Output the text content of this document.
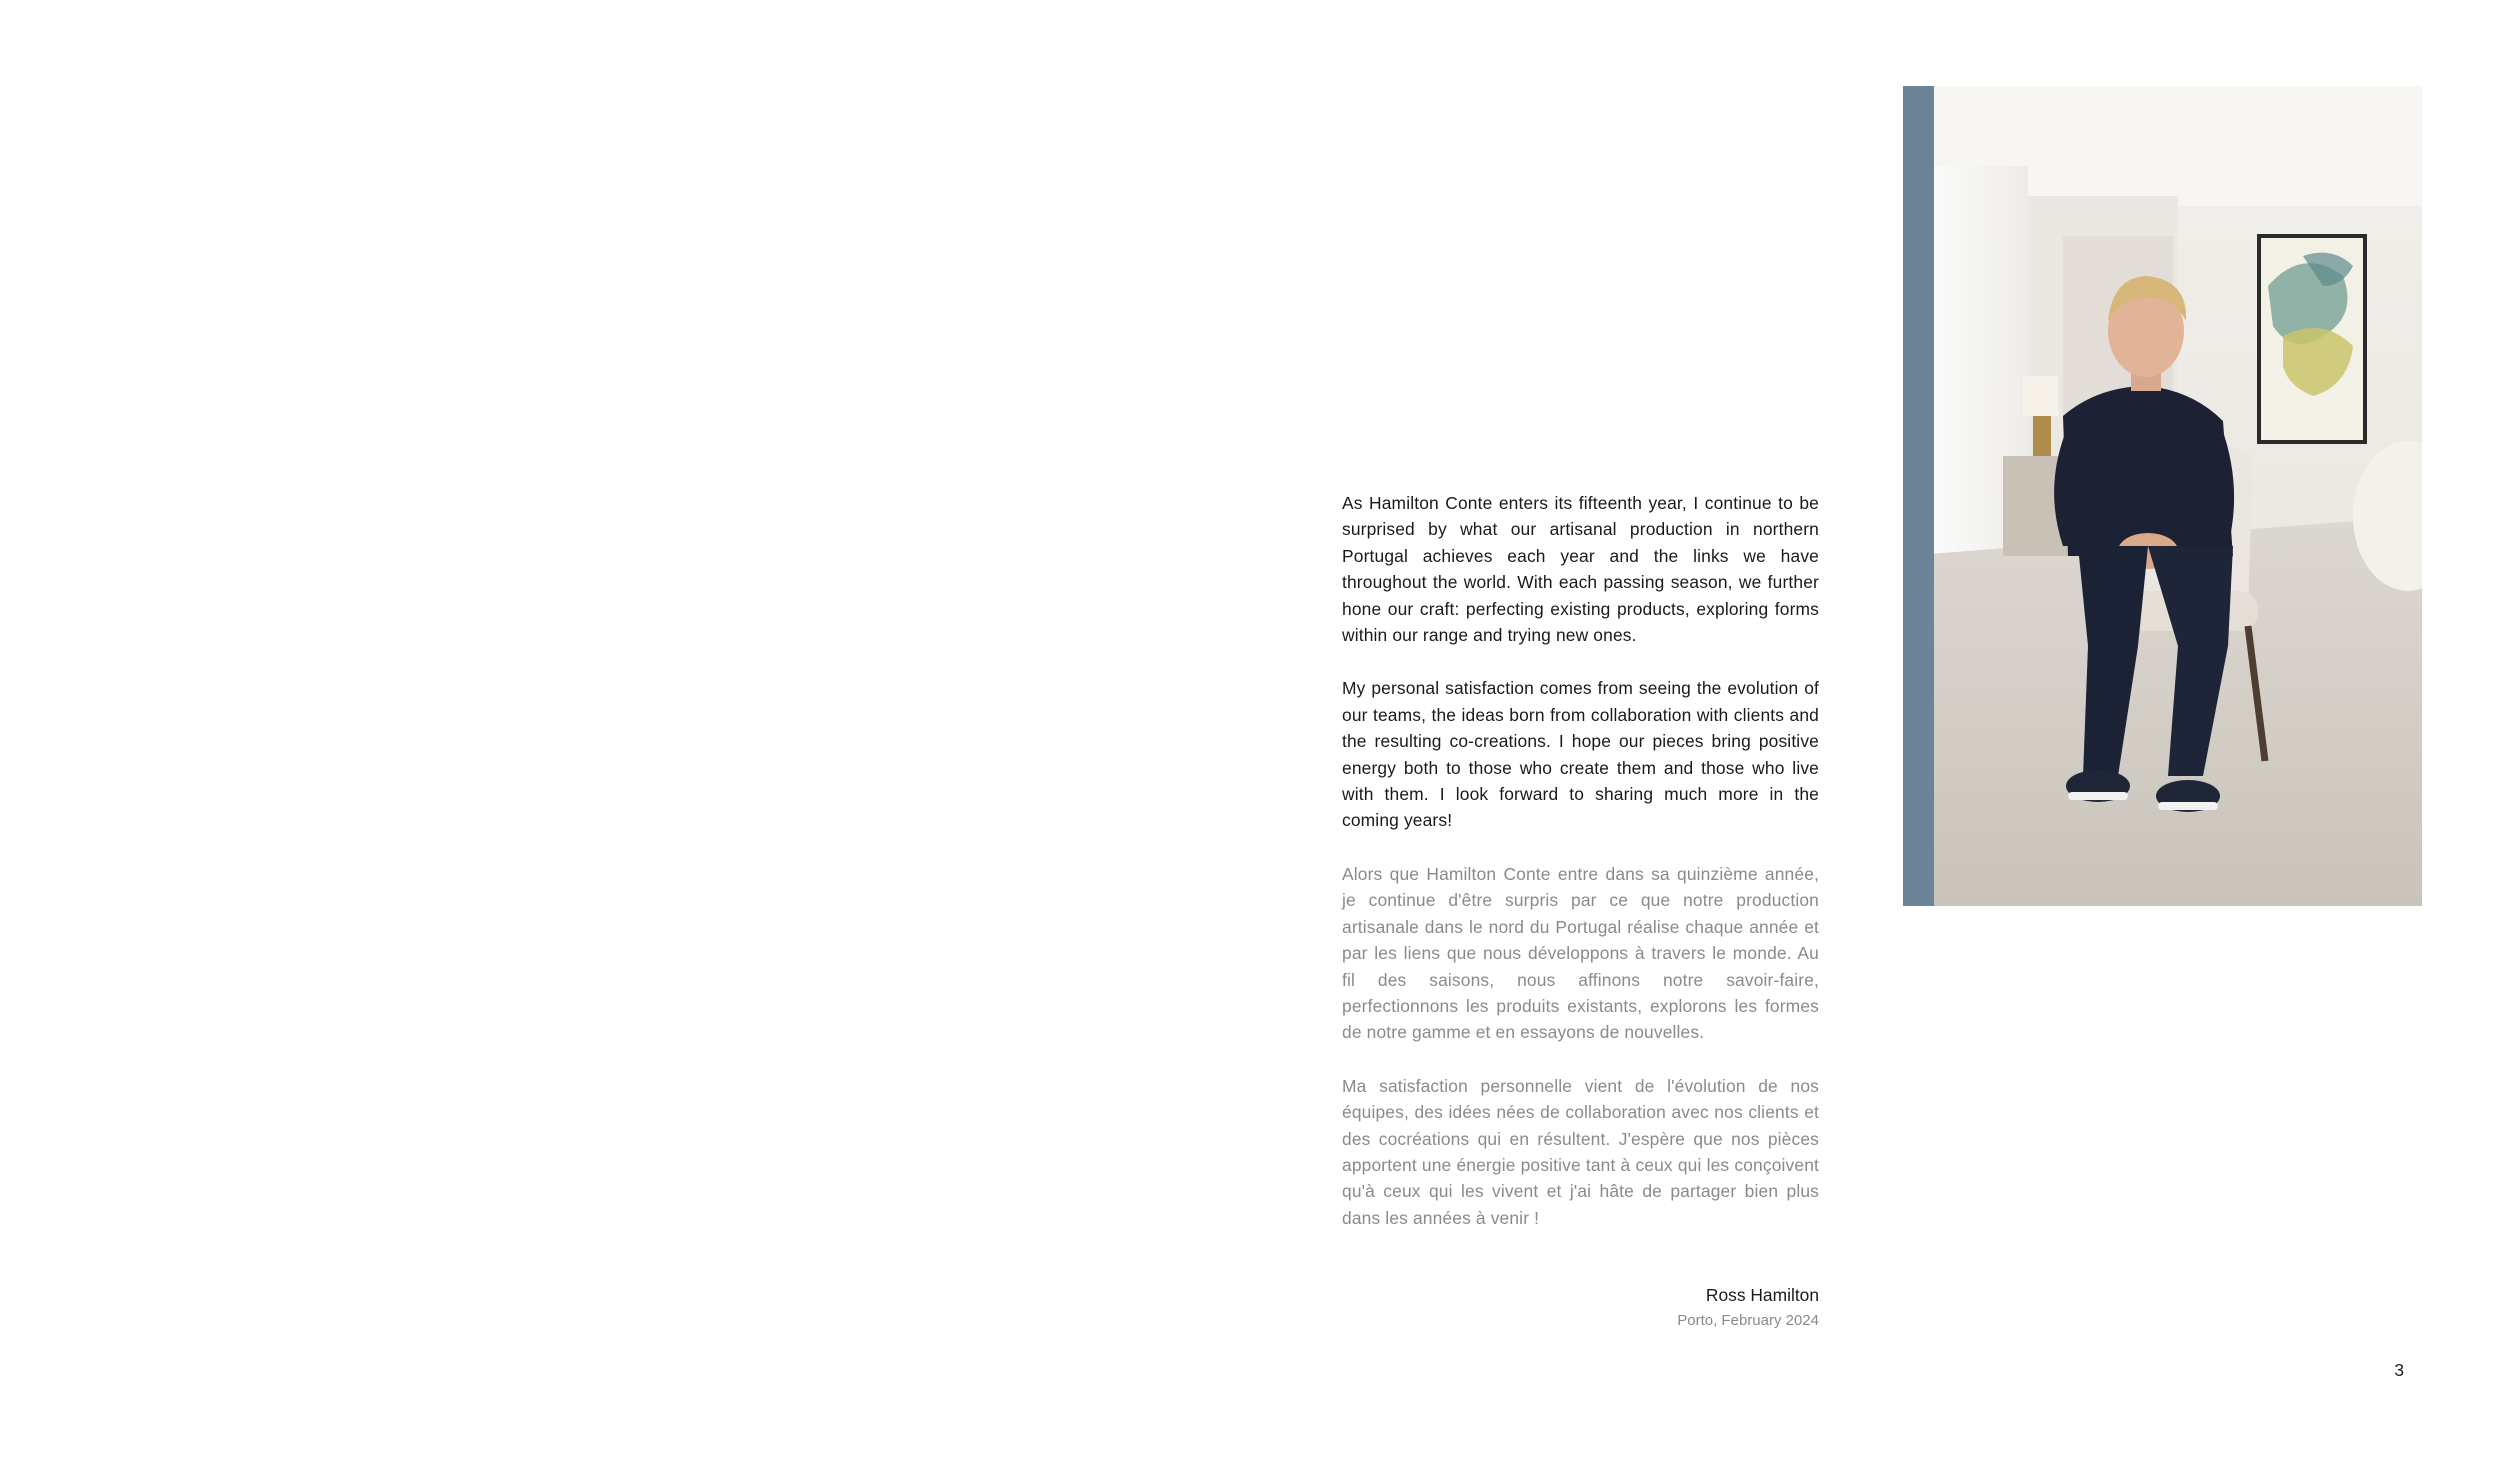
As Hamilton Conte enters its fifteenth year, I continue to be surprised by what our artisanal production in northern Portugal achieves each year and the links we have throughout the world. With each passing season, we further hone our craft: perfecting existing products, exploring forms within our range and trying new ones.

My personal satisfaction comes from seeing the evolution of our teams, the ideas born from collaboration with clients and the resulting co-creations. I hope our pieces bring positive energy both to those who create them and those who live with them. I look forward to sharing much more in the coming years!

Alors que Hamilton Conte entre dans sa quinzième année, je continue d'être surpris par ce que notre production artisanale dans le nord du Portugal réalise chaque année et par les liens que nous développons à travers le monde. Au fil des saisons, nous affinons notre savoir-faire, perfectionnons les produits existants, explorons les formes de notre gamme et en essayons de nouvelles.

Ma satisfaction personnelle vient de l'évolution de nos équipes, des idées nées de collaboration avec nos clients et des cocréations qui en résultent. J'espère que nos pièces apportent une énergie positive tant à ceux qui les conçoivent qu'à ceux qui les vivent et j'ai hâte de partager bien plus dans les années à venir !

Ross Hamilton
Porto, February 2024
3
